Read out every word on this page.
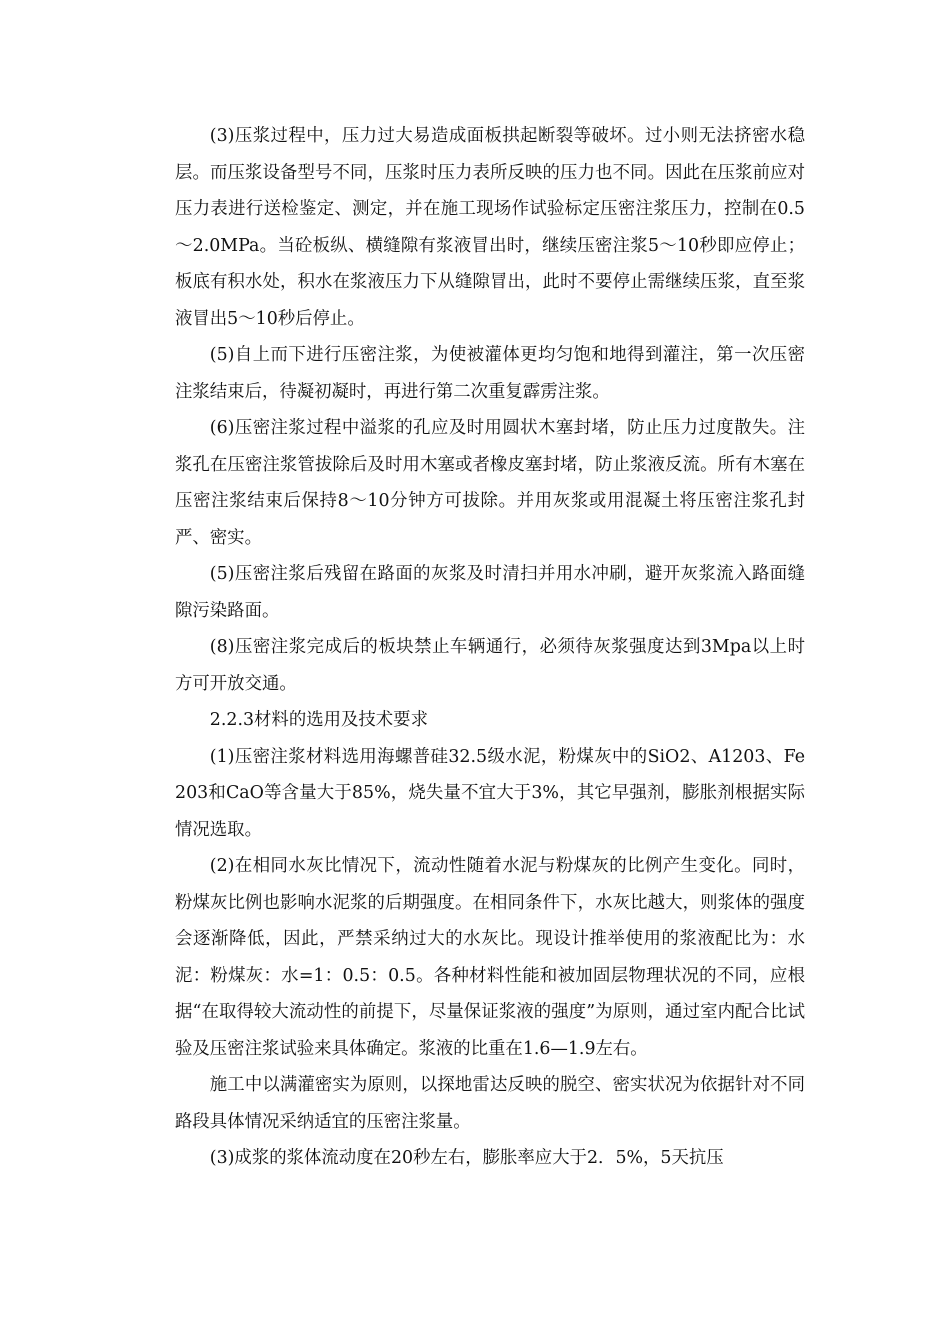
(3)压浆过程中，压力过大易造成面板拱起断裂等破坏。过小则无法挤密水稳层。而压浆设备型号不同，压浆时压力表所反映的压力也不同。因此在压浆前应对压力表进行送检鉴定、测定，并在施工现场作试验标定压密注浆压力，控制在0.5～2.0MPa。当砼板纵、横缝隙有浆液冒出时，继续压密注浆5～10秒即应停止；板底有积水处，积水在浆液压力下从缝隙冒出，此时不要停止需继续压浆，直至浆液冒出5～10秒后停止。

(5)自上而下进行压密注浆，为使被灌体更均匀饱和地得到灌注，第一次压密注浆结束后，待凝初凝时，再进行第二次重复霹雳注浆。

(6)压密注浆过程中溢浆的孔应及时用圆状木塞封堵，防止压力过度散失。注浆孔在压密注浆管拔除后及时用木塞或者橡皮塞封堵，防止浆液反流。所有木塞在压密注浆结束后保持8～10分钟方可拔除。并用灰浆或用混凝土将压密注浆孔封严、密实。

(5)压密注浆后残留在路面的灰浆及时清扫并用水冲刷，避开灰浆流入路面缝隙污染路面。

(8)压密注浆完成后的板块禁止车辆通行，必须待灰浆强度达到3Mpa以上时方可开放交通。

2.2.3材料的选用及技术要求

(1)压密注浆材料选用海螺普硅32.5级水泥，粉煤灰中的SiO2、A1203、Fe203和CaO等含量大于85%，烧失量不宜大于3%，其它早强剂，膨胀剂根据实际情况选取。

(2)在相同水灰比情况下，流动性随着水泥与粉煤灰的比例产生变化。同时，粉煤灰比例也影响水泥浆的后期强度。在相同条件下，水灰比越大，则浆体的强度会逐渐降低，因此，严禁采纳过大的水灰比。现设计推举使用的浆液配比为：水泥：粉煤灰：水=1：0.5：0.5。各种材料性能和被加固层物理状况的不同，应根据“在取得较大流动性的前提下，尽量保证浆液的强度”为原则，通过室内配合比试验及压密注浆试验来具体确定。浆液的比重在1.6—1.9左右。

施工中以满灌密实为原则，以探地雷达反映的脱空、密实状况为依据针对不同路段具体情况采纳适宜的压密注浆量。

(3)成浆的浆体流动度在20秒左右，膨胀率应大于2．5%，5天抗压
